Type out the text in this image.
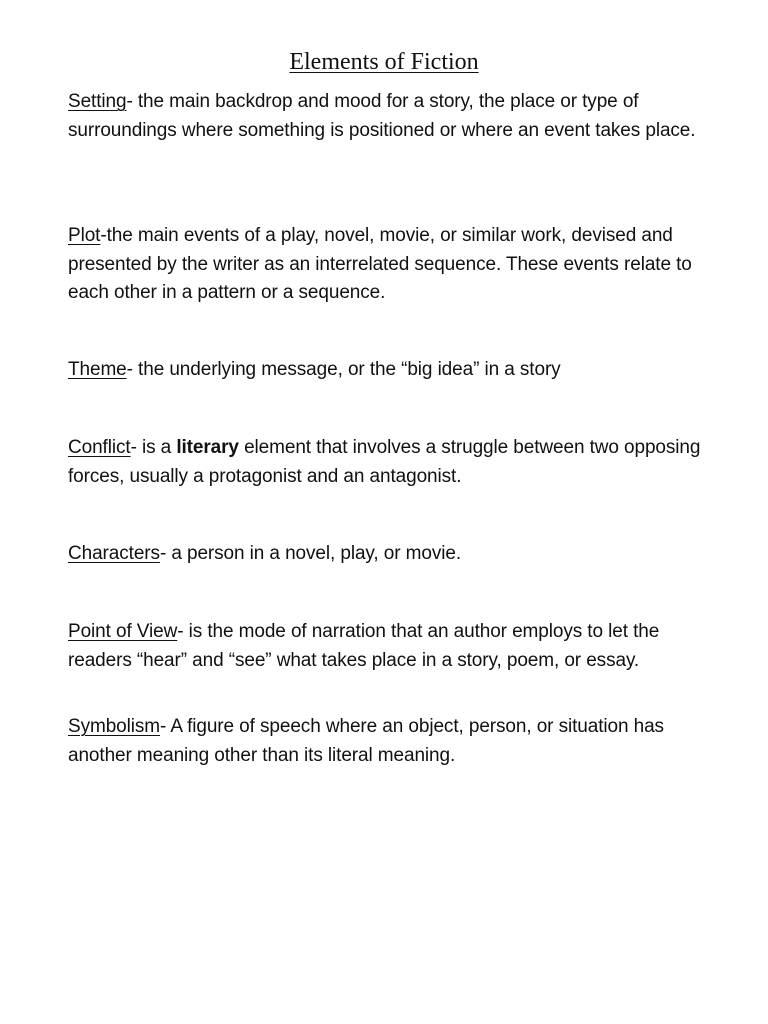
Elements of Fiction
Setting- the main backdrop and mood for a story, the place or type of surroundings where something is positioned or where an event takes place.
Plot-the main events of a play, novel, movie, or similar work, devised and presented by the writer as an interrelated sequence. These events relate to each other in a pattern or a sequence.
Theme- the underlying message, or the “big idea” in a story
Conflict- is a literary element that involves a struggle between two opposing forces, usually a protagonist and an antagonist.
Characters- a person in a novel, play, or movie.
Point of View- is the mode of narration that an author employs to let the readers “hear” and “see” what takes place in a story, poem, or essay.
Symbolism- A figure of speech where an object, person, or situation has another meaning other than its literal meaning.
